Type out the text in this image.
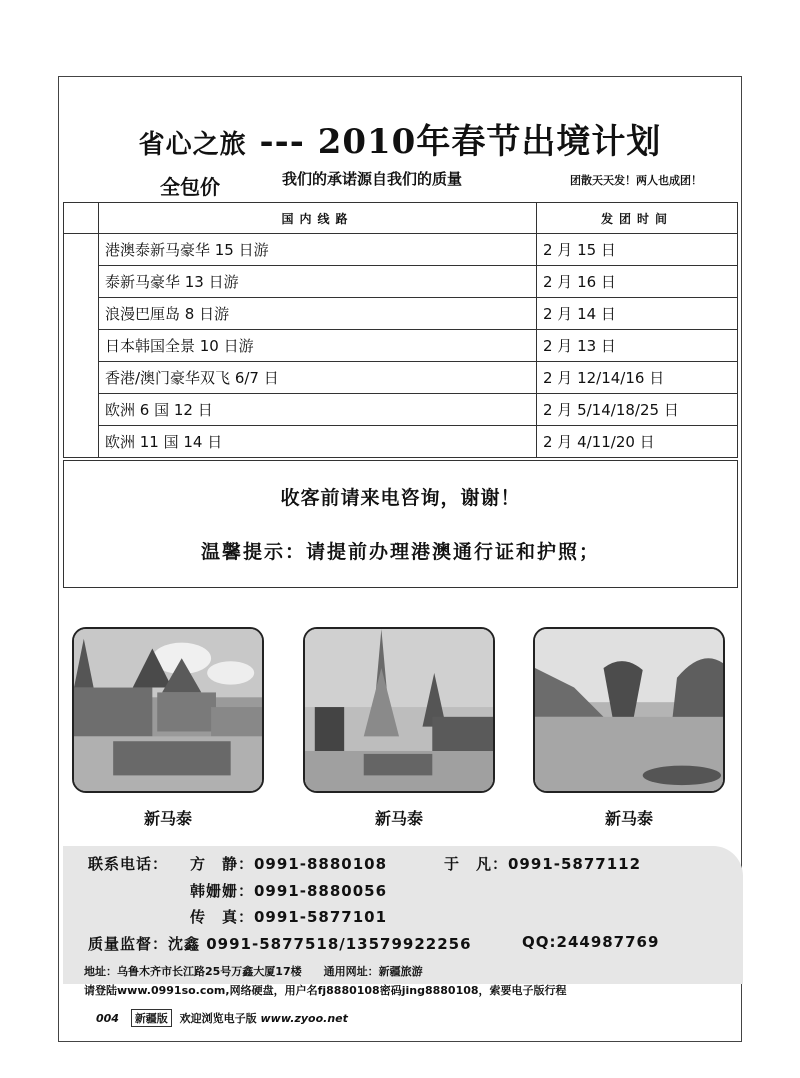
省心之旅 --- 2010年春节出境计划
全包价	我们的承诺源自我们的质量	团散天天发！两人也成团！
	国内线路	发团时间
	港澳泰新马豪华 15 日游	2 月 15 日
	泰新马豪华 13 日游	2 月 16 日
	浪漫巴厘岛 8 日游	2 月 14 日
	日本韩国全景 10 日游	2 月 13 日
	香港/澳门豪华双飞 6/7 日	2 月 12/14/16 日
	欧洲 6 国 12 日	2 月 5/14/18/25 日
	欧洲 11 国 14 日	2 月 4/11/20 日
收客前请来电咨询，谢谢！
温馨提示：请提前办理港澳通行证和护照；
新马泰	新马泰	新马泰
联系电话： 方　静：0991-8880108	于　凡：0991-5877112
韩姗姗：0991-8880056
传　真：0991-5877101
质量监督：沈鑫 0991-5877518/13579922256	QQ:244987769
地址：乌鲁木齐市长江路25号万鑫大厦17楼　　通用网址：新疆旅游
请登陆www.0991so.com,网络硬盘，用户名fj8880108密码jing8880108，索要电子版行程
004 新疆版 欢迎浏览电子版 www.zyoo.net
